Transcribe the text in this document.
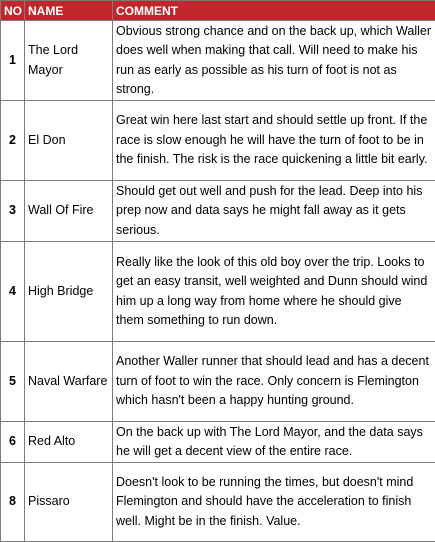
NO	NAME	COMMENT
1	The Lord Mayor	Obvious strong chance and on the back up, which Waller does well when making that call. Will need to make his run as early as possible as his turn of foot is not as strong.
2	El Don	Great win here last start and should settle up front. If the race is slow enough he will have the turn of foot to be in the finish. The risk is the race quickening a little bit early.
3	Wall Of Fire	Should get out well and push for the lead. Deep into his prep now and data says he might fall away as it gets serious.
4	High Bridge	Really like the look of this old boy over the trip. Looks to get an easy transit, well weighted and Dunn should wind him up a long way from home where he should give them something to run down.
5	Naval Warfare	Another Waller runner that should lead and has a decent turn of foot to win the race. Only concern is Flemington which hasn't been a happy hunting ground.
6	Red Alto	On the back up with The Lord Mayor, and the data says he will get a decent view of the entire race.
8	Pissaro	Doesn't look to be running the times, but doesn't mind Flemington and should have the acceleration to finish well. Might be in the finish. Value.
